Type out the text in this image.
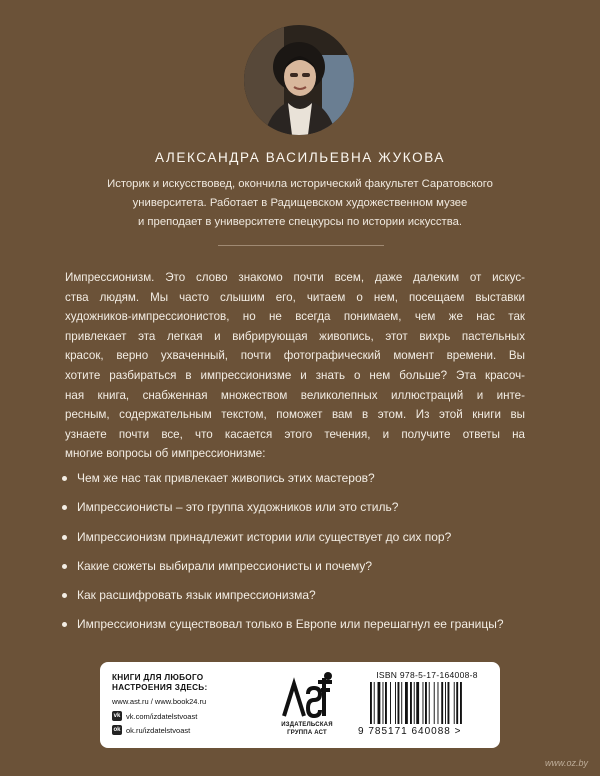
АЛЕКСАНДРА ВАСИЛЬЕВНА ЖУКОВА
Историк и искусствовед, окончила исторический факультет Саратовского
университета. Работает в Радищевском художественном музее
и преподает в университете спецкурсы по истории искусства.
Импрессионизм. Это слово знакомо почти всем, даже далеким от искус-
ства людям. Мы часто слышим его, читаем о нем, посещаем выставки
художников-импрессионистов, но не всегда понимаем, чем же нас так
привлекает эта легкая и вибрирующая живопись, этот вихрь пастельных
красок, верно ухваченный, почти фотографический момент времени. Вы
хотите разбираться в импрессионизме и знать о нем больше? Эта красоч-
ная книга, снабженная множеством великолепных иллюстраций и инте-
ресным, содержательным текстом, поможет вам в этом. Из этой книги вы
узнаете почти все, что касается этого течения, и получите ответы на
многие вопросы об импрессионизме:
Чем же нас так привлекает живопись этих мастеров?
Импрессионисты – это группа художников или это стиль?
Импрессионизм принадлежит истории или существует до сих пор?
Какие сюжеты выбирали импрессионисты и почему?
Как расшифровать язык импрессионизма?
Импрессионизм существовал только в Европе или перешагнул ее границы?
КНИГИ ДЛЯ ЛЮБОГО
НАСТРОЕНИЯ ЗДЕСЬ:
www.ast.ru / www.book24.ru
vk vk.com/izdatelstvoast
ok ok.ru/izdatelstvoast
ИЗДАТЕЛЬСКАЯ
ГРУППА АСТ
ISBN 978-5-17-164008-8
9 785171 640088 >
www.oz.by
